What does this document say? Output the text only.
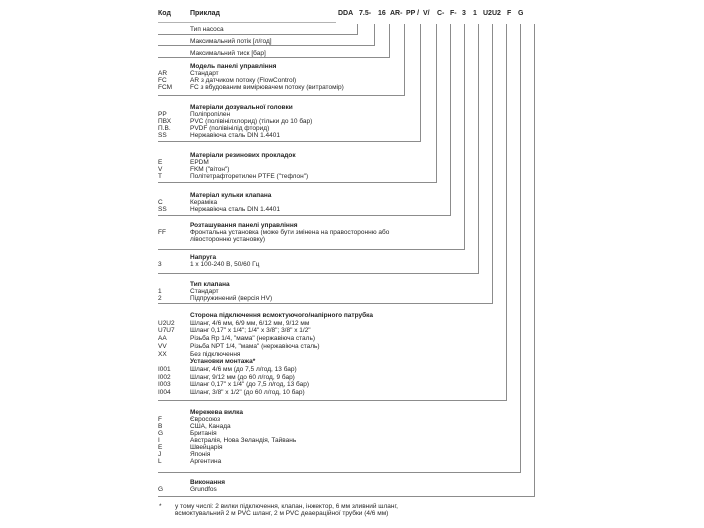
Код	Приклад	DDA 7.5- 16 AR- PP / V/ C- F- 3 1 U2U2 F G
Тип насоса
Максимальний потік [л/год]
Максимальний тиск [бар]
Модель панелі управління
AR	Стандарт
FC	AR з датчиком потоку (FlowControl)
FCM	FC з вбудованим вимірювачем потоку (витратомір)
Матеріали дозувальної головки
PP	Поліпропілен
ПВХ	PVC (полівінілхлорид) (тільки до 10 бар)
П.В.	PVDF (полівінілід фторид)
SS	Нержавіюча сталь DIN 1.4401
Матеріали резинових прокладок
E	EPDM
V	FKM ("вітон")
T	Політетрафторетилен PTFE ("тефлон")
Матеріал кульки клапана
C	Кераміка
SS	Нержавіюча сталь DIN 1.4401
Розташування панелі управління
FF	Фронтальна установка (може бути змінена на правосторонню або лівосторонню установку)
Напруга
3	1 х 100-240 В, 50/60 Гц
Тип клапана
1	Стандарт
2	Підпружинений (версія HV)
Сторона підключення всмоктуючого/напірного патрубка
U2U2	Шланг, 4/6 мм, 6/9 мм, 6/12 мм, 9/12 мм
U7U7	Шланг 0,17" х 1/4"; 1/4" х 3/8"; 3/8" х 1/2"
AA	Різьба Rp 1/4, "мама" (нержавіюча сталь)
VV	Різьба NPT 1/4, "мама" (нержавіюча сталь)
XX	Без підключення
Установки монтажа*
I001	Шланг, 4/6 мм (до 7,5 л/год, 13 бар)
I002	Шланг, 9/12 мм (до 60 л/год, 9 бар)
I003	Шланг 0,17" х 1/4" (до 7,5 л/год, 13 бар)
I004	Шланг, 3/8" х 1/2" (до 60 л/год, 10 бар)
Мережева вилка
F	Євросоюз
B	США, Канада
G	Британія
I	Австралія, Нова Зеландія, Тайвань
E	Швейцарія
J	Японія
L	Аргентина
Виконання
G	Grundfos
* у тому числі: 2 вилки підключення, клапан, інжектор, 6 мм зливний шланг,
всмоктувальний 2 м PVC шланг, 2 м PVC деаераційної трубки (4/6 мм)
